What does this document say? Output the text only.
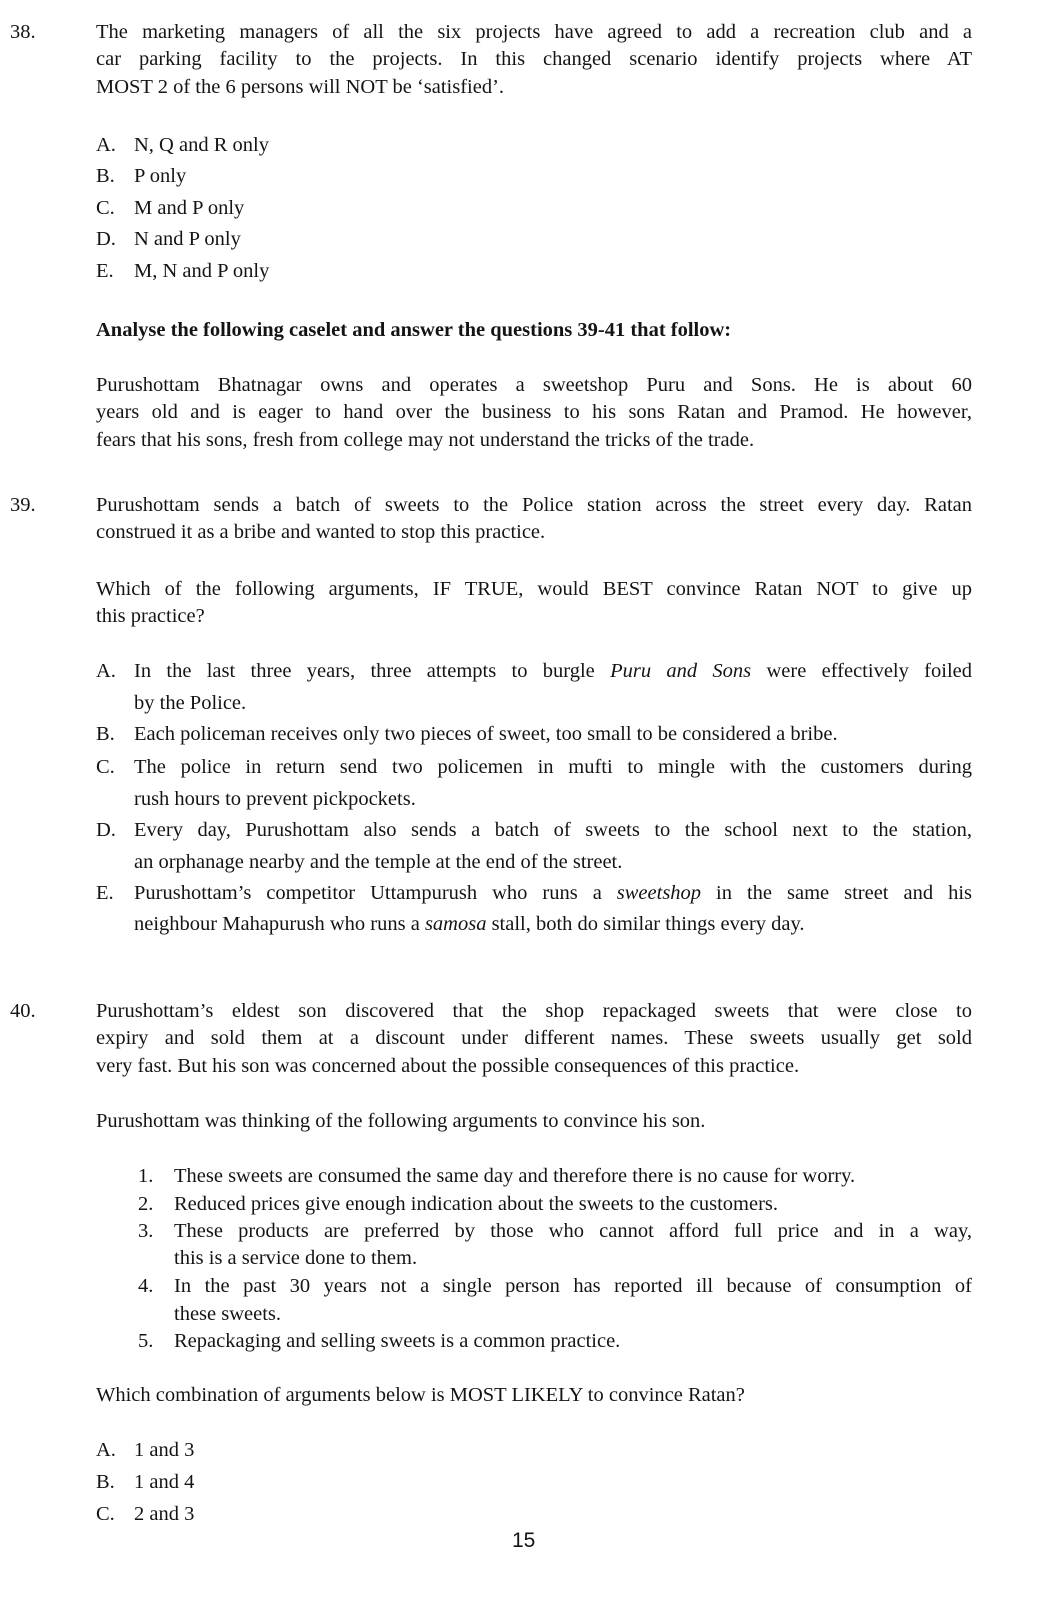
38.	The marketing managers of all the six projects have agreed to add a recreation club and a
car parking facility to the projects. In this changed scenario identify projects where AT
MOST 2 of the 6 persons will NOT be ‘satisfied’.
A. N, Q and R only
B. P only
C. M and P only
D. N and P only
E. M, N and P only
Analyse the following caselet and answer the questions 39-41 that follow:
Purushottam Bhatnagar owns and operates a sweetshop Puru and Sons. He is about 60
years old and is eager to hand over the business to his sons Ratan and Pramod. He however,
fears that his sons, fresh from college may not understand the tricks of the trade.
39.	Purushottam sends a batch of sweets to the Police station across the street every day. Ratan
construed it as a bribe and wanted to stop this practice.
Which of the following arguments, IF TRUE, would BEST convince Ratan NOT to give up
this practice?
A. In the last three years, three attempts to burgle Puru and Sons were effectively foiled
by the Police.
B. Each policeman receives only two pieces of sweet, too small to be considered a bribe.
C. The police in return send two policemen in mufti to mingle with the customers during
rush hours to prevent pickpockets.
D. Every day, Purushottam also sends a batch of sweets to the school next to the station,
an orphanage nearby and the temple at the end of the street.
E. Purushottam’s competitor Uttampurush who runs a sweetshop in the same street and his
neighbour Mahapurush who runs a samosa stall, both do similar things every day.
40.	Purushottam’s eldest son discovered that the shop repackaged sweets that were close to
expiry and sold them at a discount under different names. These sweets usually get sold
very fast. But his son was concerned about the possible consequences of this practice.
Purushottam was thinking of the following arguments to convince his son.
1. These sweets are consumed the same day and therefore there is no cause for worry.
2. Reduced prices give enough indication about the sweets to the customers.
3. These products are preferred by those who cannot afford full price and in a way,
this is a service done to them.
4. In the past 30 years not a single person has reported ill because of consumption of
these sweets.
5. Repackaging and selling sweets is a common practice.
Which combination of arguments below is MOST LIKELY to convince Ratan?
A. 1 and 3
B. 1 and 4
C. 2 and 3
15
